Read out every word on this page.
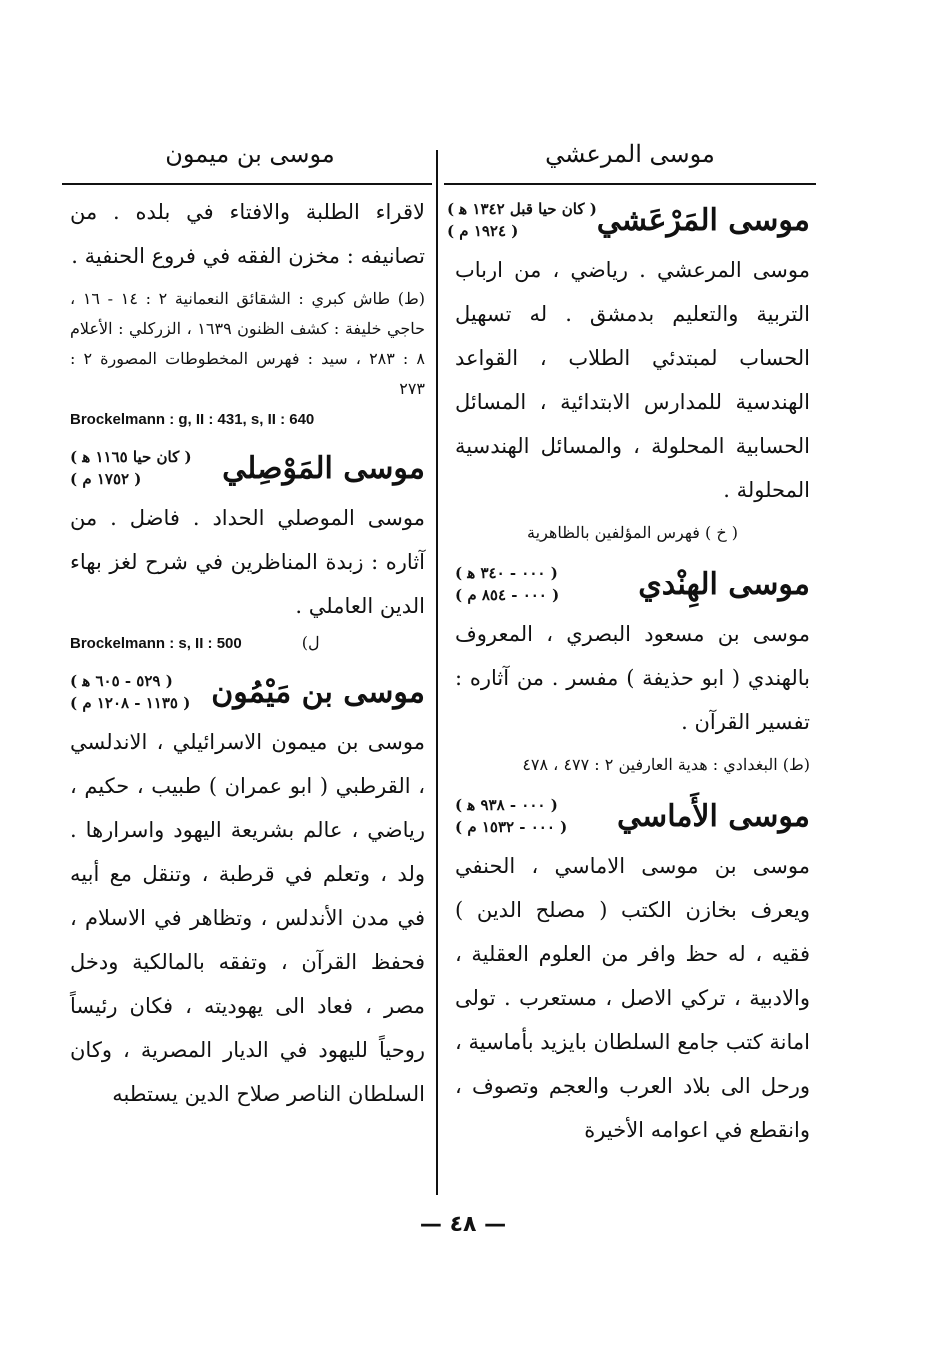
موسى المرعشي
موسى بن ميمون
موسى المَرْعَشي
( كان حيا قبل ١٣٤٢ ﻫ )
( ١٩٢٤ م )

موسى المرعشي . رياضي ، من ارباب التربية والتعليم بدمشق . له تسهيل الحساب لمبتدئي الطلاب ، القواعد الهندسية للمدارس الابتدائية ، المسائل الحسابية المحلولة ، والمسائل الهندسية المحلولة .

( خ ) فهرس المؤلفين بالظاهرية

موسى الهِنْدي
( ٠٠٠ - ٣٤٠ ﻫ )
( ٠٠٠ - ٨٥٤ م )

موسى بن مسعود البصري ، المعروف بالهندي ( ابو حذيفة ) مفسر . من آثاره : تفسير القرآن .

(ط) البغدادي : هدية العارفين ٢ : ٤٧٧ ، ٤٧٨

موسى الأَماسي
( ٠٠٠ - ٩٣٨ ﻫ )
( ٠٠٠ - ١٥٣٢ م )

موسى بن موسى الاماسي ، الحنفي ويعرف بخازن الكتب ( مصلح الدين ) فقيه ، له حظ وافر من العلوم العقلية ، والادبية ، تركي الاصل ، مستعرب . تولى امانة كتب جامع السلطان بايزيد بأماسية ، ورحل الى بلاد العرب والعجم وتصوف ، وانقطع في اعوامه الأخيرة

لاقراء الطلبة والافتاء في بلده . من تصانيفه : مخزن الفقه في فروع الحنفية .

(ط) طاش كبري : الشقائق النعمانية ٢ : ١٤ - ١٦ ، حاجي خليفة : كشف الظنون ١٦٣٩ ، الزركلي : الأعلام ٨ : ٢٨٣ ، سيد : فهرس المخطوطات المصورة ٢ : ٢٧٣

Brockelmann : g, II : 431, s, II : 640

موسى المَوْصِلي
( كان حيا ١١٦٥ ﻫ )
( ١٧٥٢ م )

موسى الموصلي الحداد . فاضل . من آثاره : زبدة المناظرين في شرح لغز بهاء الدين العاملي .

Brockelmann : s, II : 500	(ل
موسى بن مَيْمُون
( ٥٢٩ - ٦٠٥ ﻫ )
( ١١٣٥ - ١٢٠٨ م )

موسى بن ميمون الاسرائيلي ، الاندلسي ، القرطبي ( ابو عمران ) طبيب ، حكيم ، رياضي ، عالم بشريعة اليهود واسرارها . ولد ، وتعلم في قرطبة ، وتنقل مع أبيه في مدن الأندلس ، وتظاهر في الاسلام ، فحفظ القرآن ، وتفقه بالمالكية ودخل مصر ، فعاد الى يهوديته ، فكان رئيساً روحياً لليهود في الديار المصرية ، وكان السلطان الناصر صلاح الدين يستطبه

— ٤٨ —
